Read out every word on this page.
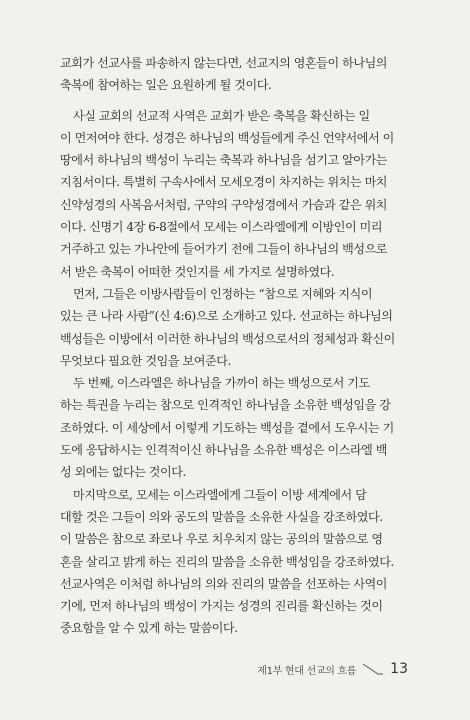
교회가 선교사를 파송하지 않는다면, 선교지의 영혼들이 하나님의
축복에 참여하는 일은 요원하게 될 것이다.
사실 교회의 선교적 사역은 교회가 받은 축복을 확신하는 일
이 먼저여야 한다. 성경은 하나님의 백성들에게 주신 언약서에서 이
땅에서 하나님의 백성이 누리는 축복과 하나님을 섬기고 알아가는
지침서이다. 특별히 구속사에서 모세오경이 차지하는 위치는 마치
신약성경의 사복음서처럼, 구약의 구약성경에서 가슴과 같은 위치
이다. 신명기 4장 6-8절에서 모세는 이스라엘에게 이방인이 미리
거주하고 있는 가나안에 들어가기 전에 그들이 하나님의 백성으로
서 받은 축복이 어떠한 것인지를 세 가지로 설명하였다.
먼저, 그들은 이방사람들이 인정하는 “참으로 지혜와 지식이
있는 큰 나라 사람”(신 4:6)으로 소개하고 있다. 선교하는 하나님의
백성들은 이방에서 이러한 하나님의 백성으로서의 정체성과 확신이
무엇보다 필요한 것임을 보여준다.
두 번째, 이스라엘은 하나님을 가까이 하는 백성으로서 기도
하는 특권을 누리는 참으로 인격적인 하나님을 소유한 백성임을 강
조하였다. 이 세상에서 이렇게 기도하는 백성을 곁에서 도우시는 기
도에 응답하시는 인격적이신 하나님을 소유한 백성은 이스라엘 백
성 외에는 없다는 것이다.
마지막으로, 모세는 이스라엘에게 그들이 이방 세계에서 담
대할 것은 그들이 의와 공도의 말씀을 소유한 사실을 강조하였다.
이 말씀은 참으로 좌로나 우로 치우치지 않는 공의의 말씀으로 영
혼을 살리고 밝게 하는 진리의 말씀을 소유한 백성임을 강조하였다.
선교사역은 이처럼 하나님의 의와 진리의 말씀을 선포하는 사역이
기에, 먼저 하나님의 백성이 가지는 성경의 진리를 확신하는 것이
중요함을 알 수 있게 하는 말씀이다.
제1부 현대 선교의 흐름 13
